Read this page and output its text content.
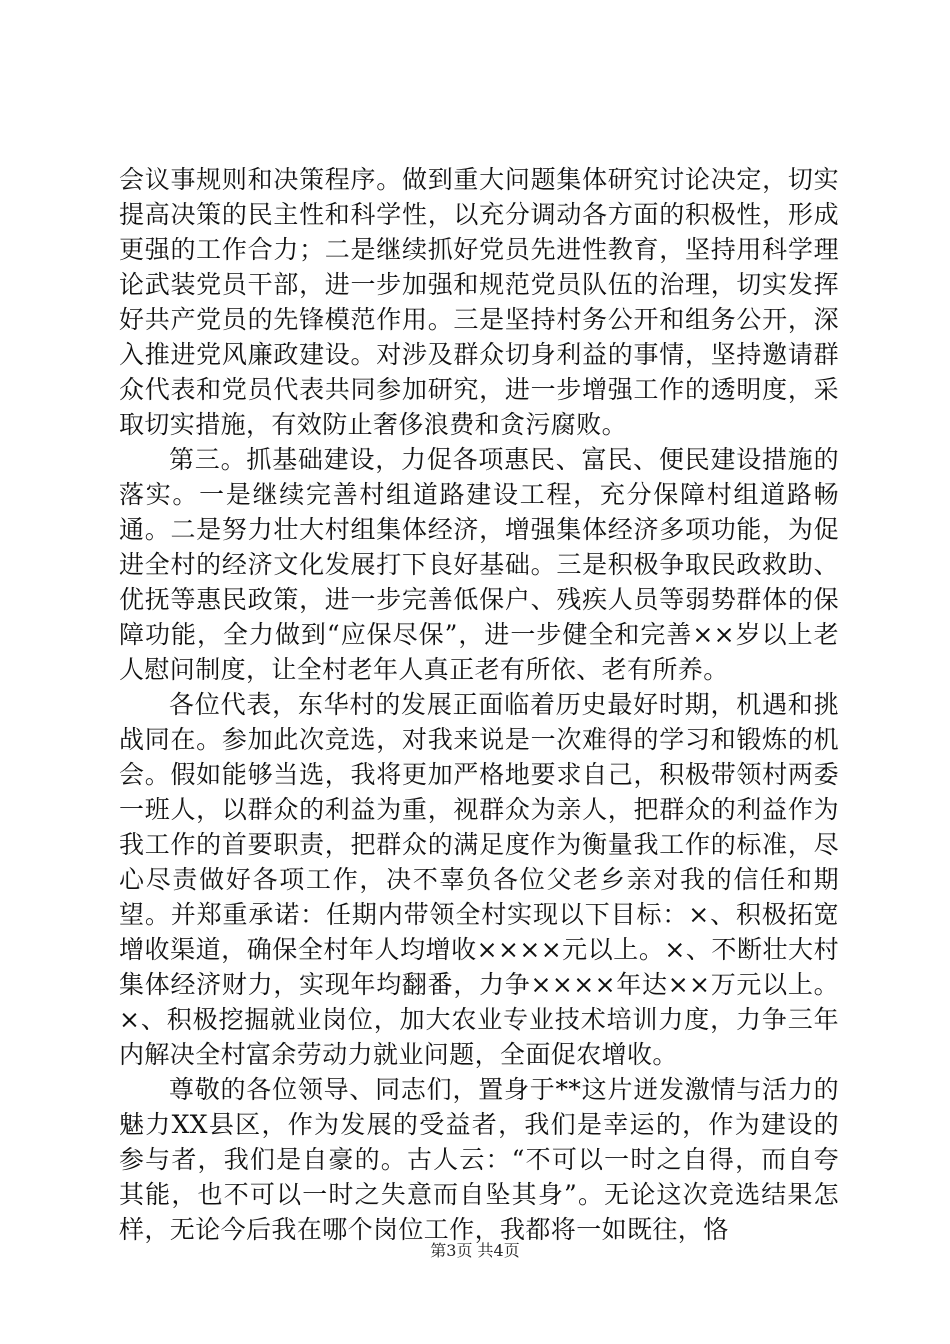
会议事规则和决策程序。做到重大问题集体研究讨论决定，切实提高决策的民主性和科学性，以充分调动各方面的积极性，形成更强的工作合力；二是继续抓好党员先进性教育，坚持用科学理论武装党员干部，进一步加强和规范党员队伍的治理，切实发挥好共产党员的先锋模范作用。三是坚持村务公开和组务公开，深入推进党风廉政建设。对涉及群众切身利益的事情，坚持邀请群众代表和党员代表共同参加研究，进一步增强工作的透明度，采取切实措施，有效防止奢侈浪费和贪污腐败。

第三。抓基础建设，力促各项惠民、富民、便民建设措施的落实。一是继续完善村组道路建设工程，充分保障村组道路畅通。二是努力壮大村组集体经济，增强集体经济多项功能，为促进全村的经济文化发展打下良好基础。三是积极争取民政救助、优抚等惠民政策，进一步完善低保户、残疾人员等弱势群体的保障功能，全力做到“应保尽保”，进一步健全和完善××岁以上老人慰问制度，让全村老年人真正老有所依、老有所养。

各位代表，东华村的发展正面临着历史最好时期，机遇和挑战同在。参加此次竞选，对我来说是一次难得的学习和锻炼的机会。假如能够当选，我将更加严格地要求自己，积极带领村两委一班人，以群众的利益为重，视群众为亲人，把群众的利益作为我工作的首要职责，把群众的满足度作为衡量我工作的标准，尽心尽责做好各项工作，决不辜负各位父老乡亲对我的信任和期望。并郑重承诺：任期内带领全村实现以下目标：×、积极拓宽增收渠道，确保全村年人均增收××××元以上。×、不断壮大村集体经济财力，实现年均翻番，力争××××年达××万元以上。×、积极挖掘就业岗位，加大农业专业技术培训力度，力争三年内解决全村富余劳动力就业问题，全面促农增收。

尊敬的各位领导、同志们，置身于**这片迸发激情与活力的魅力XX县区，作为发展的受益者，我们是幸运的，作为建设的参与者，我们是自豪的。古人云：“不可以一时之自得，而自夸其能，也不可以一时之失意而自坠其身”。无论这次竞选结果怎样，无论今后我在哪个岗位工作，我都将一如既往，恪

第3页 共4页
